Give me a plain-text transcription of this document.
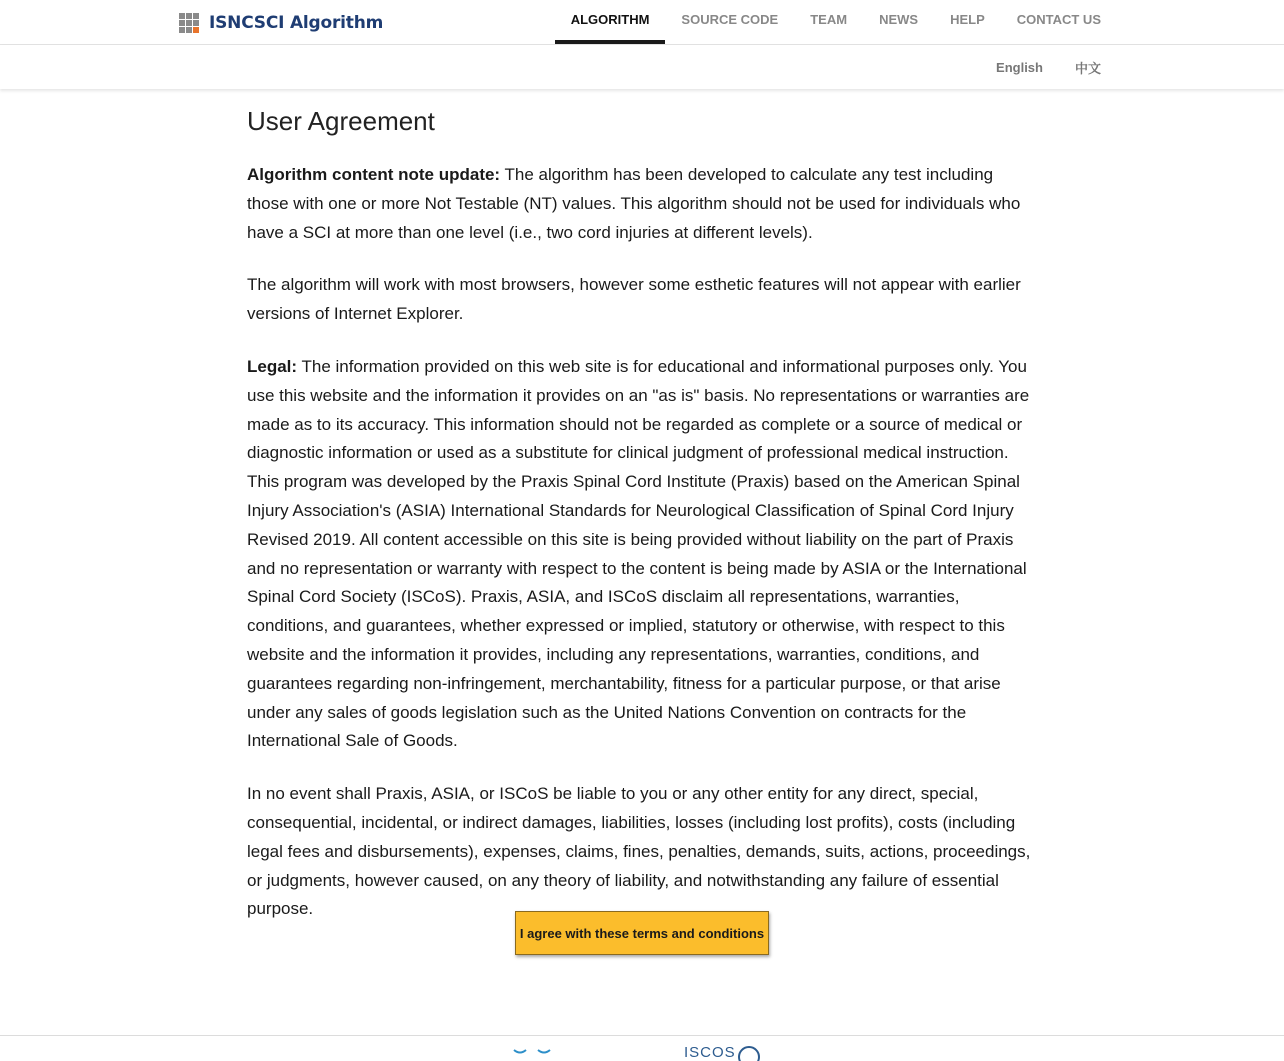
ISNCSCI Algorithm	ALGORITHM	SOURCE CODE	TEAM	NEWS	HELP	CONTACT US
English 中文
User Agreement

Algorithm content note update: The algorithm has been developed to calculate any test including those with one or more Not Testable (NT) values. This algorithm should not be used for individuals who have a SCI at more than one level (i.e., two cord injuries at different levels).

The algorithm will work with most browsers, however some esthetic features will not appear with earlier versions of Internet Explorer.

Legal: The information provided on this web site is for educational and informational purposes only. You use this website and the information it provides on an "as is" basis. No representations or warranties are made as to its accuracy. This information should not be regarded as complete or a source of medical or diagnostic information or used as a substitute for clinical judgment of professional medical instruction. This program was developed by the Praxis Spinal Cord Institute (Praxis) based on the American Spinal Injury Association's (ASIA) International Standards for Neurological Classification of Spinal Cord Injury Revised 2019. All content accessible on this site is being provided without liability on the part of Praxis and no representation or warranty with respect to the content is being made by ASIA or the International Spinal Cord Society (ISCoS). Praxis, ASIA, and ISCoS disclaim all representations, warranties, conditions, and guarantees, whether expressed or implied, statutory or otherwise, with respect to this website and the information it provides, including any representations, warranties, conditions, and guarantees regarding non-infringement, merchantability, fitness for a particular purpose, or that arise under any sales of goods legislation such as the United Nations Convention on contracts for the International Sale of Goods.

In no event shall Praxis, ASIA, or ISCoS be liable to you or any other entity for any direct, special, consequential, incidental, or indirect damages, liabilities, losses (including lost profits), costs (including legal fees and disbursements), expenses, claims, fines, penalties, demands, suits, actions, proceedings, or judgments, however caused, on any theory of liability, and notwithstanding any failure of essential purpose.

I agree with these terms and conditions
ISCOS
